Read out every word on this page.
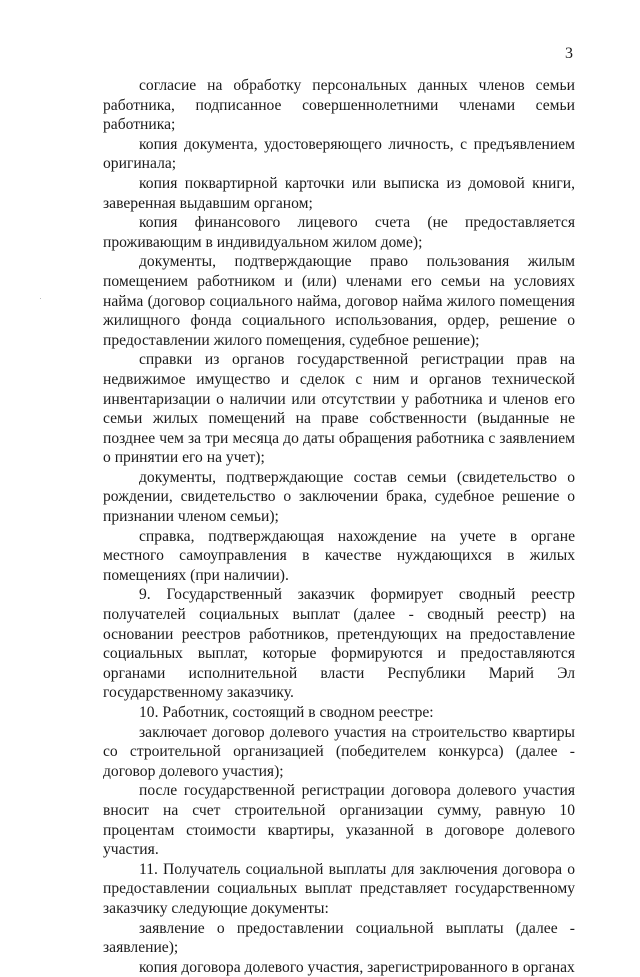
3

согласие на обработку персональных данных членов семьи работника, подписанное совершеннолетними членами семьи работника;

копия документа, удостоверяющего личность, с предъявлением оригинала;

копия поквартирной карточки или выписка из домовой книги, заверенная выдавшим органом;

копия финансового лицевого счета (не предоставляется проживающим в индивидуальном жилом доме);

документы, подтверждающие право пользования жилым помещением работником и (или) членами его семьи на условиях найма (договор социального найма, договор найма жилого помещения жилищного фонда социального использования, ордер, решение о предоставлении жилого помещения, судебное решение);

справки из органов государственной регистрации прав на недвижимое имущество и сделок с ним и органов технической инвентаризации о наличии или отсутствии у работника и членов его семьи жилых помещений на праве собственности (выданные не позднее чем за три месяца до даты обращения работника с заявлением о принятии его на учет);

документы, подтверждающие состав семьи (свидетельство о рождении, свидетельство о заключении брака, судебное решение о признании членом семьи);

справка, подтверждающая нахождение на учете в органе местного самоуправления в качестве нуждающихся в жилых помещениях (при наличии).

9. Государственный заказчик формирует сводный реестр получателей социальных выплат (далее - сводный реестр) на основании реестров работников, претендующих на предоставление социальных выплат, которые формируются и предоставляются органами исполнительной власти Республики Марий Эл государственному заказчику.

10. Работник, состоящий в сводном реестре:

заключает договор долевого участия на строительство квартиры со строительной организацией (победителем конкурса) (далее - договор долевого участия);

после государственной регистрации договора долевого участия вносит на счет строительной организации сумму, равную 10 процентам стоимости квартиры, указанной в договоре долевого участия.

11. Получатель социальной выплаты для заключения договора о предоставлении социальных выплат представляет государственному заказчику следующие документы:

заявление о предоставлении социальной выплаты (далее - заявление);

копия договора долевого участия, зарегистрированного в органах
